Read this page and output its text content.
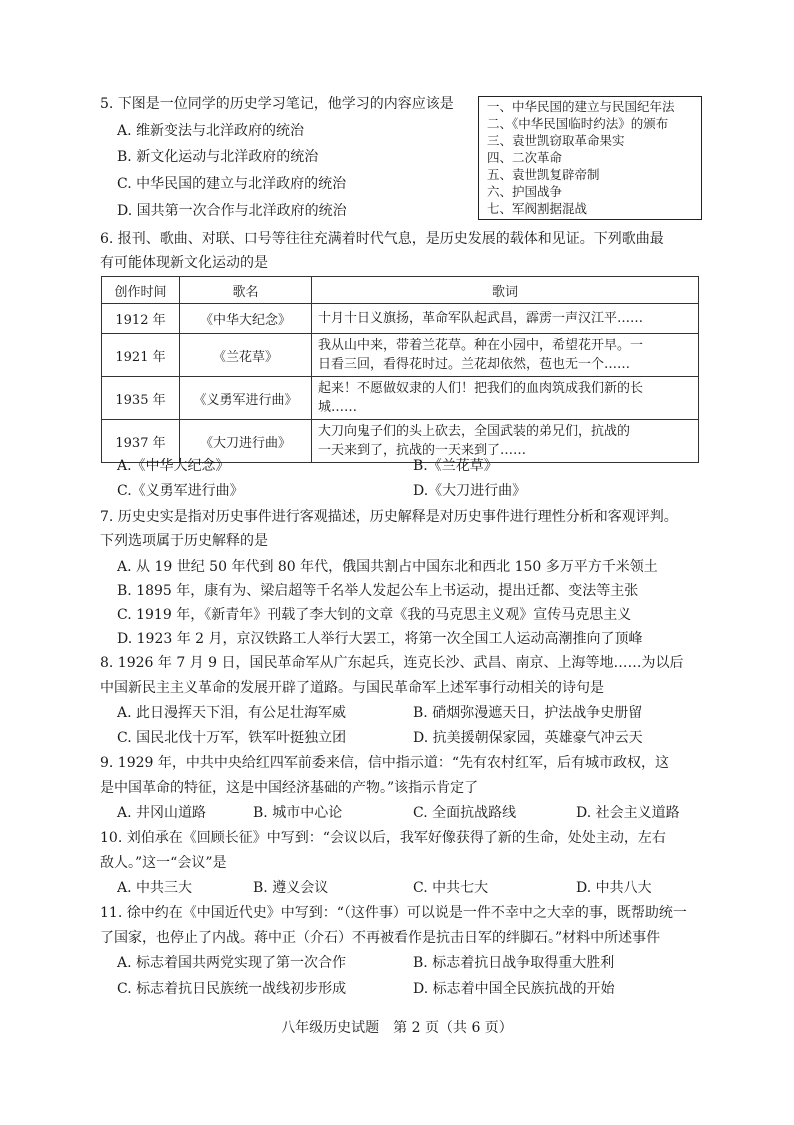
5. 下图是一位同学的历史学习笔记，他学习的内容应该是
A. 维新变法与北洋政府的统治
B. 新文化运动与北洋政府的统治
C. 中华民国的建立与北洋政府的统治
D. 国共第一次合作与北洋政府的统治
一、中华民国的建立与民国纪年法
二、《中华民国临时约法》的颁布
三、袁世凯窃取革命果实
四、二次革命
五、袁世凯复辟帝制
六、护国战争
七、军阀割据混战
6. 报刊、歌曲、对联、口号等往往充满着时代气息，是历史发展的载体和见证。下列歌曲最
有可能体现新文化运动的是
创作时间	歌名	歌词
1912 年	《中华大纪念》	十月十日义旗扬，革命军队起武昌，霹雳一声汉江平……
1921 年	《兰花草》	我从山中来，带着兰花草。种在小园中，希望花开早。一
日看三回，看得花时过。兰花却依然，苞也无一个……
1935 年	《义勇军进行曲》	起来！不愿做奴隶的人们！把我们的血肉筑成我们新的长
城……
1937 年	《大刀进行曲》	大刀向鬼子们的头上砍去，全国武装的弟兄们，抗战的
一天来到了，抗战的一天来到了……
A.《中华大纪念》	B.《兰花草》
C.《义勇军进行曲》	D.《大刀进行曲》
7. 历史史实是指对历史事件进行客观描述，历史解释是对历史事件进行理性分析和客观评判。
下列选项属于历史解释的是
A. 从 19 世纪 50 年代到 80 年代，俄国共割占中国东北和西北 150 多万平方千米领土
B. 1895 年，康有为、梁启超等千名举人发起公车上书运动，提出迁都、变法等主张
C. 1919 年，《新青年》刊载了李大钊的文章《我的马克思主义观》宣传马克思主义
D. 1923 年 2 月，京汉铁路工人举行大罢工，将第一次全国工人运动高潮推向了顶峰
8. 1926 年 7 月 9 日，国民革命军从广东起兵，连克长沙、武昌、南京、上海等地……为以后
中国新民主主义革命的发展开辟了道路。与国民革命军上述军事行动相关的诗句是
A. 此日漫挥天下泪，有公足壮海军威	B. 硝烟弥漫遮天日，护法战争史册留
C. 国民北伐十万军，铁军叶挺独立团	D. 抗美援朝保家园，英雄豪气冲云天
9. 1929 年，中共中央给红四军前委来信，信中指示道：“先有农村红军，后有城市政权，这
是中国革命的特征，这是中国经济基础的产物。”该指示肯定了
A. 井冈山道路	B. 城市中心论	C. 全面抗战路线	D. 社会主义道路
10. 刘伯承在《回顾长征》中写到：“会议以后，我军好像获得了新的生命，处处主动，左右
敌人。”这一“会议”是
A. 中共三大	B. 遵义会议	C. 中共七大	D. 中共八大
11. 徐中约在《中国近代史》中写到：“（这件事）可以说是一件不幸中之大幸的事，既帮助统一
了国家，也停止了内战。蒋中正（介石）不再被看作是抗击日军的绊脚石。”材料中所述事件
A. 标志着国共两党实现了第一次合作	B. 标志着抗日战争取得重大胜利
C. 标志着抗日民族统一战线初步形成	D. 标志着中国全民族抗战的开始
八年级历史试题　第 2 页（共 6 页）
